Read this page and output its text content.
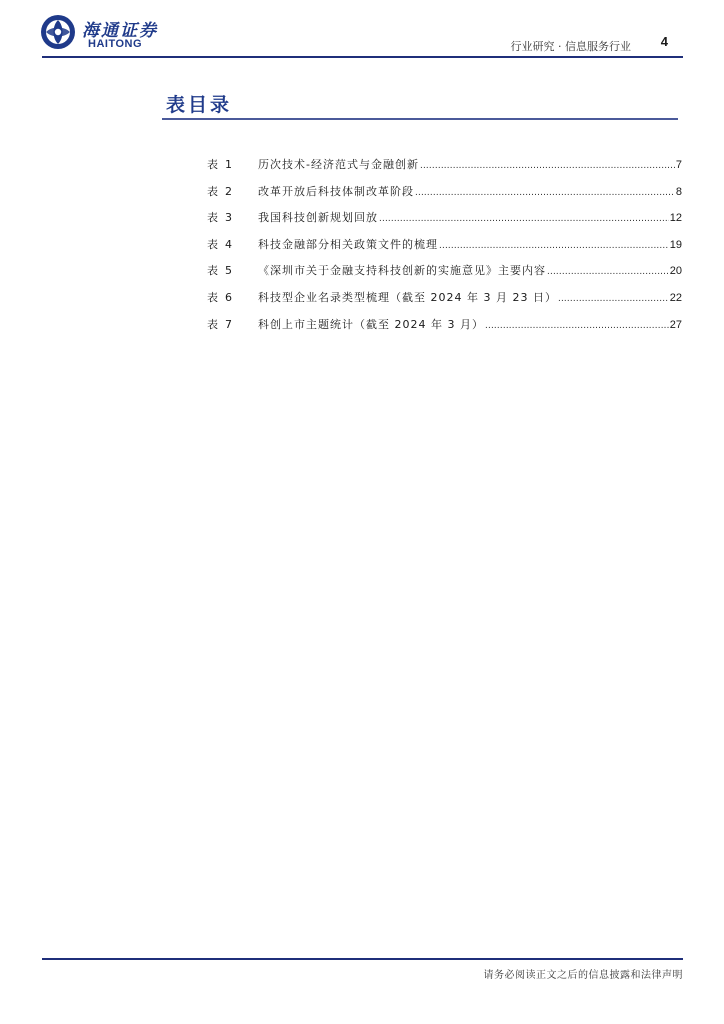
海通证券
HAITONG	行业研究 · 信息服务行业 4
表目录
表 1	历次技术-经济范式与金融创新 .....	7
表 2	改革开放后科技体制改革阶段 .....	8
表 3	我国科技创新规划回放 .....	12
表 4	科技金融部分相关政策文件的梳理 .....	19
表 5	《深圳市关于金融支持科技创新的实施意见》主要内容 .....	20
表 6	科技型企业名录类型梳理（截至 2024 年 3 月 23 日） .....	22
表 7	科创上市主题统计（截至 2024 年 3 月） .....	27
请务必阅读正文之后的信息披露和法律声明
